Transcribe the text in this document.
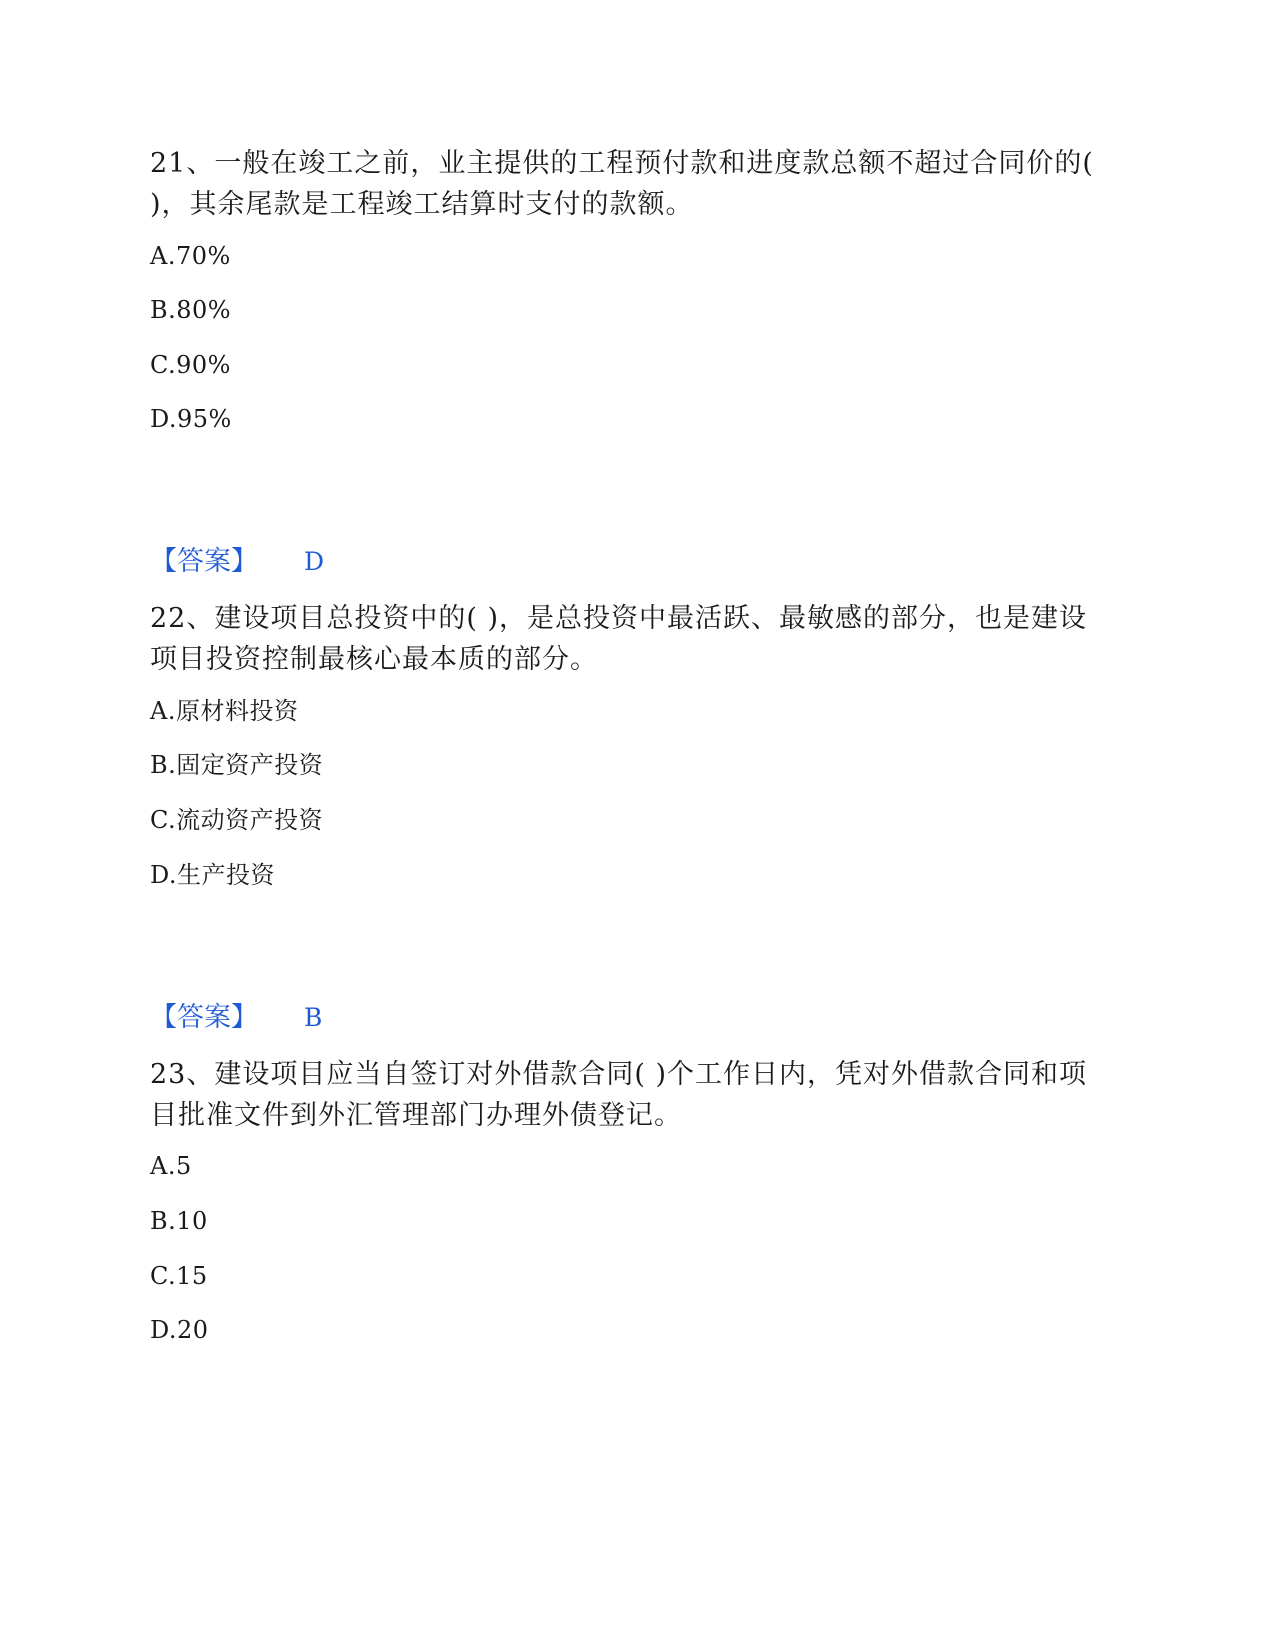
21、一般在竣工之前，业主提供的工程预付款和进度款总额不超过合同价的( )，其余尾款是工程竣工结算时支付的款额。

A.70%

B.80%

C.90%

D.95%

【答案】 D

22、建设项目总投资中的( )，是总投资中最活跃、最敏感的部分，也是建设项目投资控制最核心最本质的部分。

A.原材料投资

B.固定资产投资

C.流动资产投资

D.生产投资

【答案】 B

23、建设项目应当自签订对外借款合同( )个工作日内，凭对外借款合同和项目批准文件到外汇管理部门办理外债登记。

A.5

B.10

C.15

D.20
